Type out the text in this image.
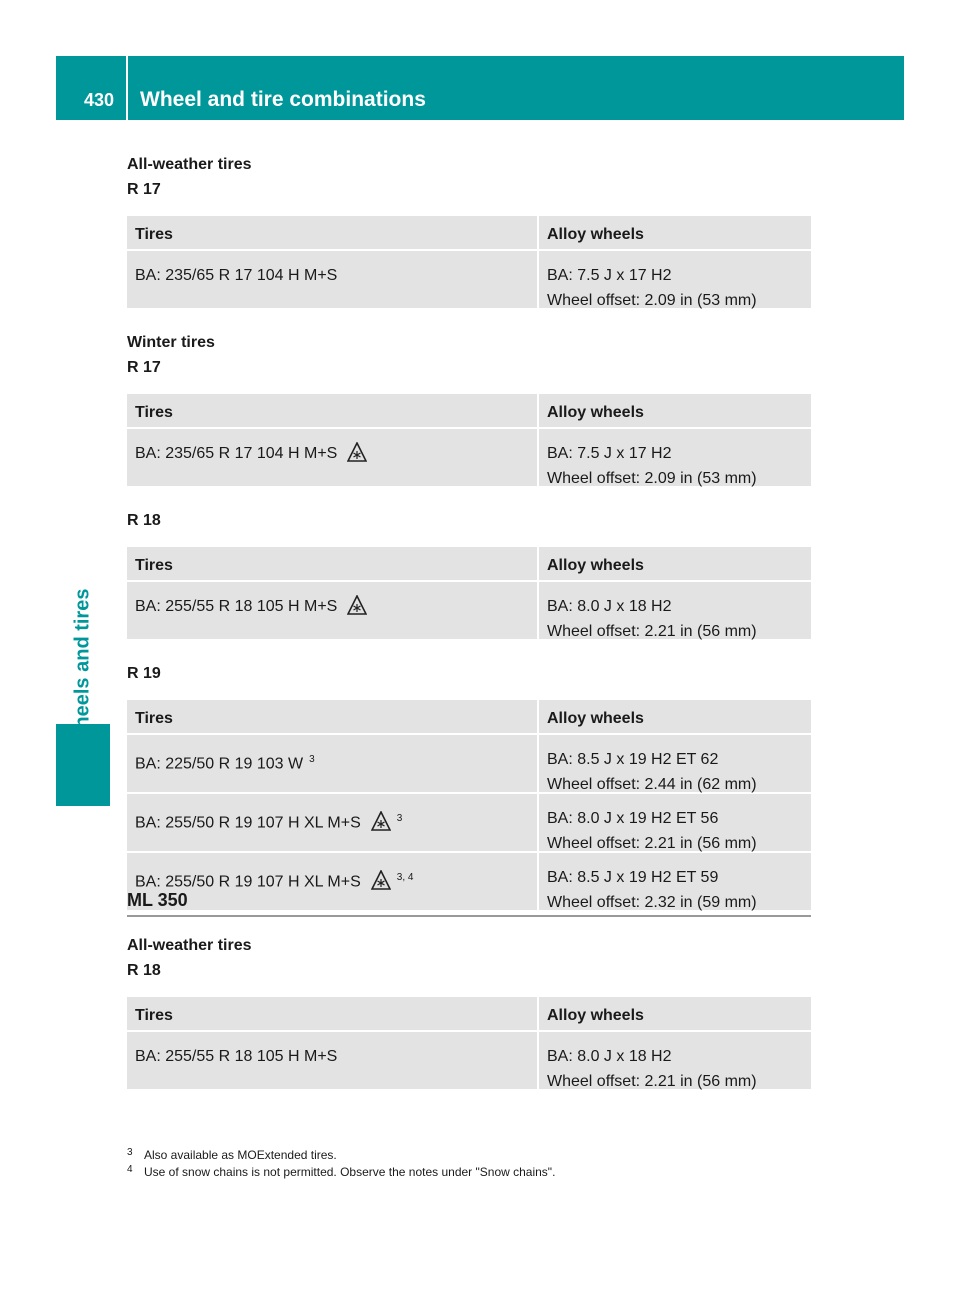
430 Wheel and tire combinations
Wheels and tires
All-weather tires
R 17
Tires	Alloy wheels
BA: 235/65 R 17 104 H M+S	BA: 7.5 J x 17 H2
Wheel offset: 2.09 in (53 mm)
Winter tires
R 17
Tires	Alloy wheels
BA: 235/65 R 17 104 H M+S	BA: 7.5 J x 17 H2
Wheel offset: 2.09 in (53 mm)
R 18
Tires	Alloy wheels
BA: 255/55 R 18 105 H M+S	BA: 8.0 J x 18 H2
Wheel offset: 2.21 in (56 mm)
R 19
Tires	Alloy wheels
BA: 225/50 R 19 103 W $^3$	BA: 8.5 J x 19 H2 ET 62
Wheel offset: 2.44 in (62 mm)
BA: 255/50 R 19 107 H XL M+S	$^3$	BA: 8.0 J x 19 H2 ET 56
Wheel offset: 2.21 in (56 mm)
BA: 255/50 R 19 107 H XL M+S	$^{3, 4}$	BA: 8.5 J x 19 H2 ET 59
Wheel offset: 2.32 in (59 mm)
ML 350
All-weather tires
R 18
Tires	Alloy wheels
BA: 255/55 R 18 105 H M+S	BA: 8.0 J x 18 H2
Wheel offset: 2.21 in (56 mm)
3 Also available as MOExtended tires.
4 Use of snow chains is not permitted. Observe the notes under "Snow chains".
